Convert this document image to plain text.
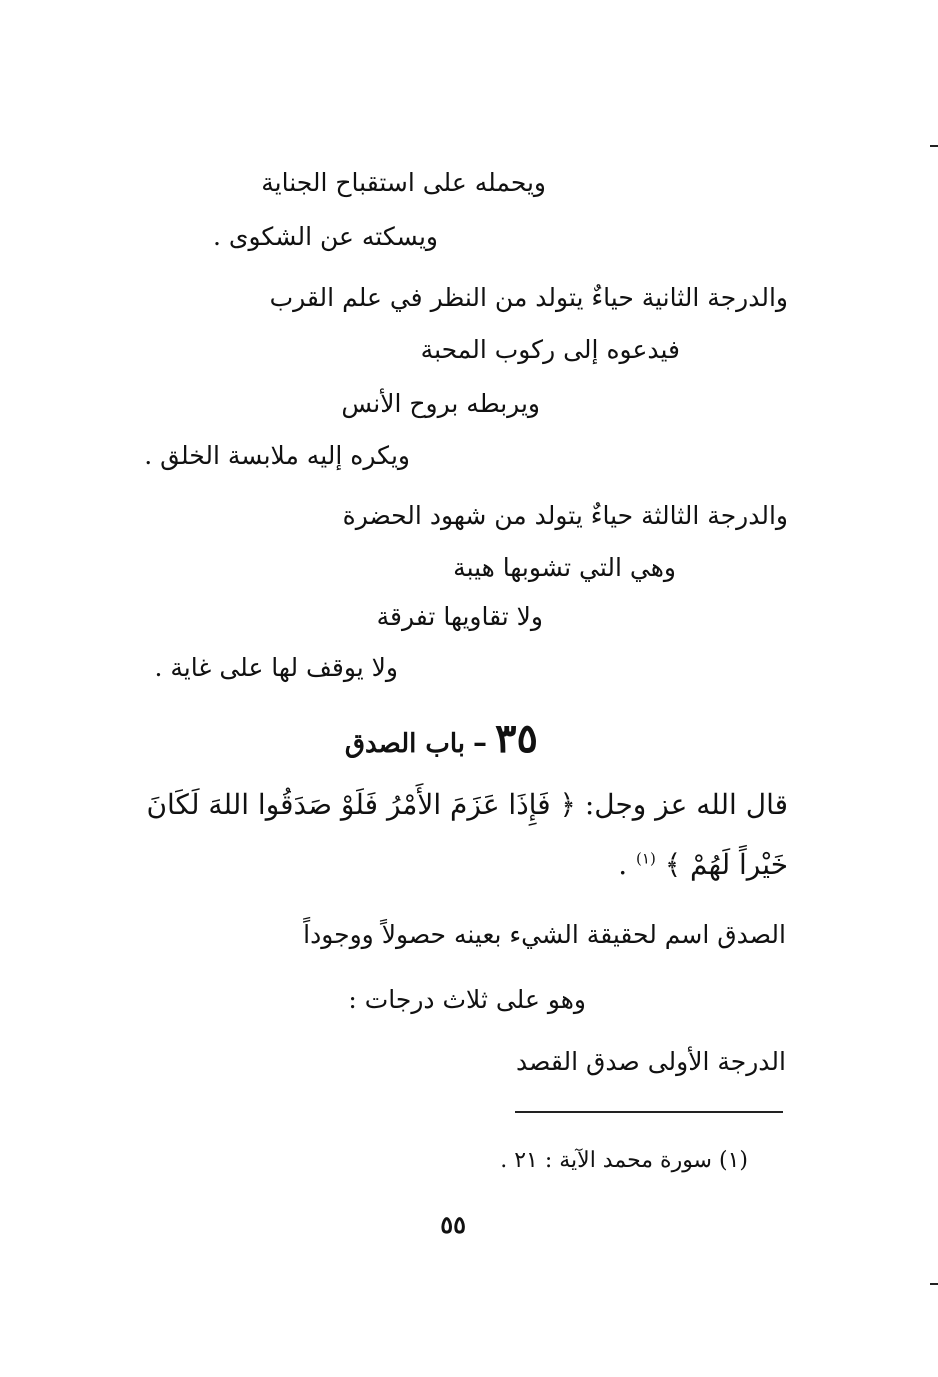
ويحمله على استقباح الجناية
ويسكته عن الشكوى .
والدرجة الثانية حياءٌ يتولد من النظر في علم القرب
فيدعوه إلى ركوب المحبة
ويربطه بروح الأنس
ويكره إليه ملابسة الخلق .
والدرجة الثالثة حياءٌ يتولد من شهود الحضرة
وهي التي تشوبها هيبة
ولا تقاويها تفرقة
ولا يوقف لها على غاية .
٣٥–باب الصدق
قال الله عز وجل: ﴿ فَإِذَا عَزَمَ الأَمْرُ فَلَوْ صَدَقُوا اللهَ لَكَانَ
خَيْراً لَهُمْ ﴾ $^{(١)}$ .
الصدق اسم لحقيقة الشيء بعينه حصولاً ووجوداً
وهو على ثلاث درجات :
الدرجة الأولى صدق القصد
(١) سورة محمد الآية : ٢١ .
٥٥
